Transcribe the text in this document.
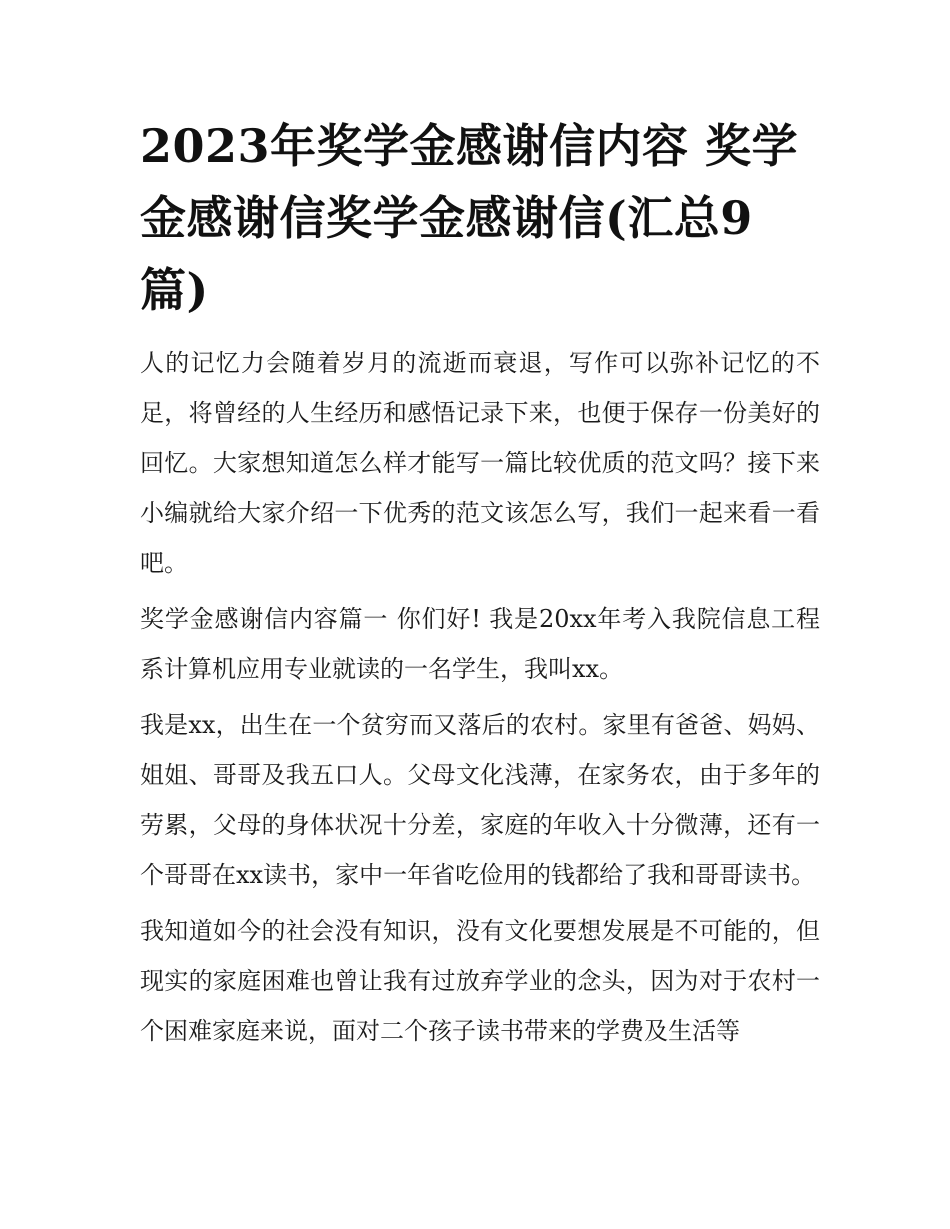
2023年奖学金感谢信内容 奖学金感谢信奖学金感谢信(汇总9篇)

人的记忆力会随着岁月的流逝而衰退，写作可以弥补记忆的不足，将曾经的人生经历和感悟记录下来，也便于保存一份美好的回忆。大家想知道怎么样才能写一篇比较优质的范文吗？接下来小编就给大家介绍一下优秀的范文该怎么写，我们一起来看一看吧。

奖学金感谢信内容篇一 你们好! 我是20xx年考入我院信息工程系计算机应用专业就读的一名学生，我叫xx。

我是xx，出生在一个贫穷而又落后的农村。家里有爸爸、妈妈、姐姐、哥哥及我五口人。父母文化浅薄，在家务农，由于多年的劳累，父母的身体状况十分差，家庭的年收入十分微薄，还有一个哥哥在xx读书，家中一年省吃俭用的钱都给了我和哥哥读书。

我知道如今的社会没有知识，没有文化要想发展是不可能的，但现实的家庭困难也曾让我有过放弃学业的念头，因为对于农村一个困难家庭来说，面对二个孩子读书带来的学费及生活等
